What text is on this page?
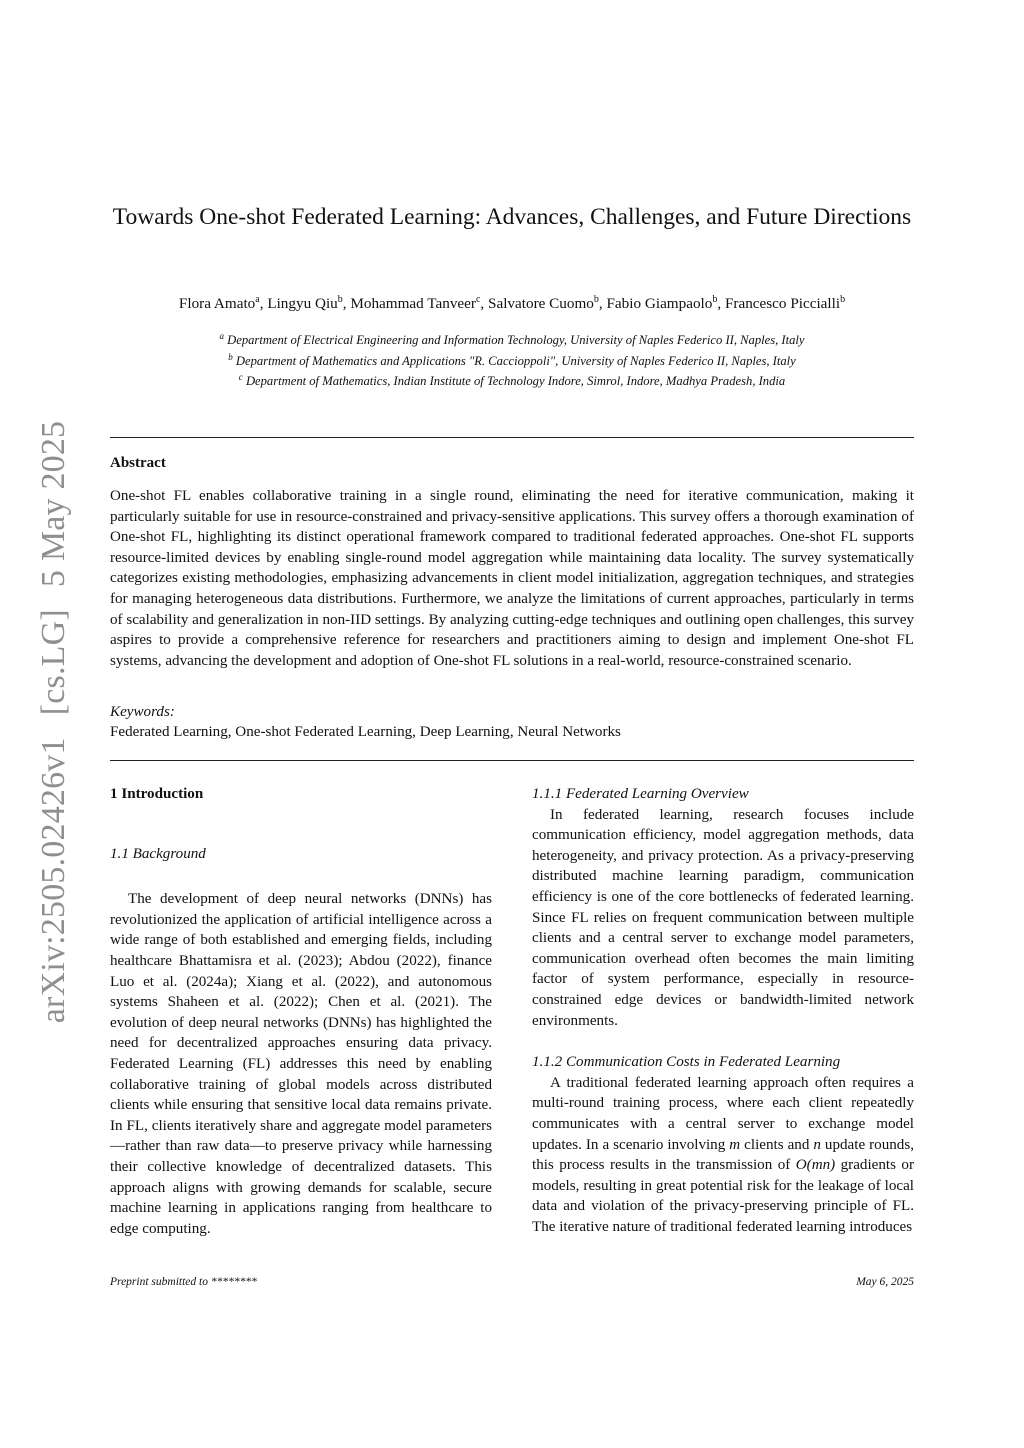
arXiv:2505.02426v1[cs.LG]5 May 2025
Towards One-shot Federated Learning: Advances, Challenges, and Future Directions
Flora Amato$^a$, Lingyu Qiu$^b$, Mohammad Tanveer$^c$, Salvatore Cuomo$^b$, Fabio Giampaolo$^b$, Francesco Piccialli$^b$
$^a$ Department of Electrical Engineering and Information Technology, University of Naples Federico II, Naples, Italy
$^b$ Department of Mathematics and Applications "R. Caccioppoli", University of Naples Federico II, Naples, Italy
$^c$ Department of Mathematics, Indian Institute of Technology Indore, Simrol, Indore, Madhya Pradesh, India
Abstract

One-shot FL enables collaborative training in a single round, eliminating the need for iterative communication, making it particularly suitable for use in resource-constrained and privacy-sensitive applications. This survey offers a thorough examination of One-shot FL, highlighting its distinct operational framework compared to traditional federated approaches. One-shot FL supports resource-limited devices by enabling single-round model aggregation while maintaining data locality. The survey systematically categorizes existing methodologies, emphasizing advancements in client model initialization, aggregation techniques, and strategies for managing heterogeneous data distributions. Furthermore, we analyze the limitations of current approaches, particularly in terms of scalability and generalization in non-IID settings. By analyzing cutting-edge techniques and outlining open challenges, this survey aspires to provide a comprehensive reference for researchers and practitioners aiming to design and implement One-shot FL systems, advancing the development and adoption of One-shot FL solutions in a real-world, resource-constrained scenario.

Keywords:
Federated Learning, One-shot Federated Learning, Deep Learning, Neural Networks
1 Introduction
1.1 Background

The development of deep neural networks (DNNs) has revolutionized the application of artificial intelligence across a wide range of both established and emerging fields, including healthcare Bhattamisra et al. (2023); Abdou (2022), finance Luo et al. (2024a); Xiang et al. (2022), and autonomous systems Shaheen et al. (2022); Chen et al. (2021). The evolution of deep neural networks (DNNs) has highlighted the need for decentralized approaches ensuring data privacy. Federated Learning (FL) addresses this need by enabling collaborative training of global models across distributed clients while ensuring that sensitive local data remains private. In FL, clients iteratively share and aggregate model parameters—rather than raw data—to preserve privacy while harnessing their collective knowledge of decentralized datasets. This approach aligns with growing demands for scalable, secure machine learning in applications ranging from healthcare to edge computing.

1.1.1 Federated Learning Overview

In federated learning, research focuses include communication efficiency, model aggregation methods, data heterogeneity, and privacy protection. As a privacy-preserving distributed machine learning paradigm, communication efficiency is one of the core bottlenecks of federated learning. Since FL relies on frequent communication between multiple clients and a central server to exchange model parameters, communication overhead often becomes the main limiting factor of system performance, especially in resource-constrained edge devices or bandwidth-limited network environments.

1.1.2 Communication Costs in Federated Learning

A traditional federated learning approach often requires a multi-round training process, where each client repeatedly communicates with a central server to exchange model updates. In a scenario involving m clients and n update rounds, this process results in the transmission of O(mn) gradients or models, resulting in great potential risk for the leakage of local data and violation of the privacy-preserving principle of FL. The iterative nature of traditional federated learning introduces

Preprint submitted to ********	May 6, 2025
